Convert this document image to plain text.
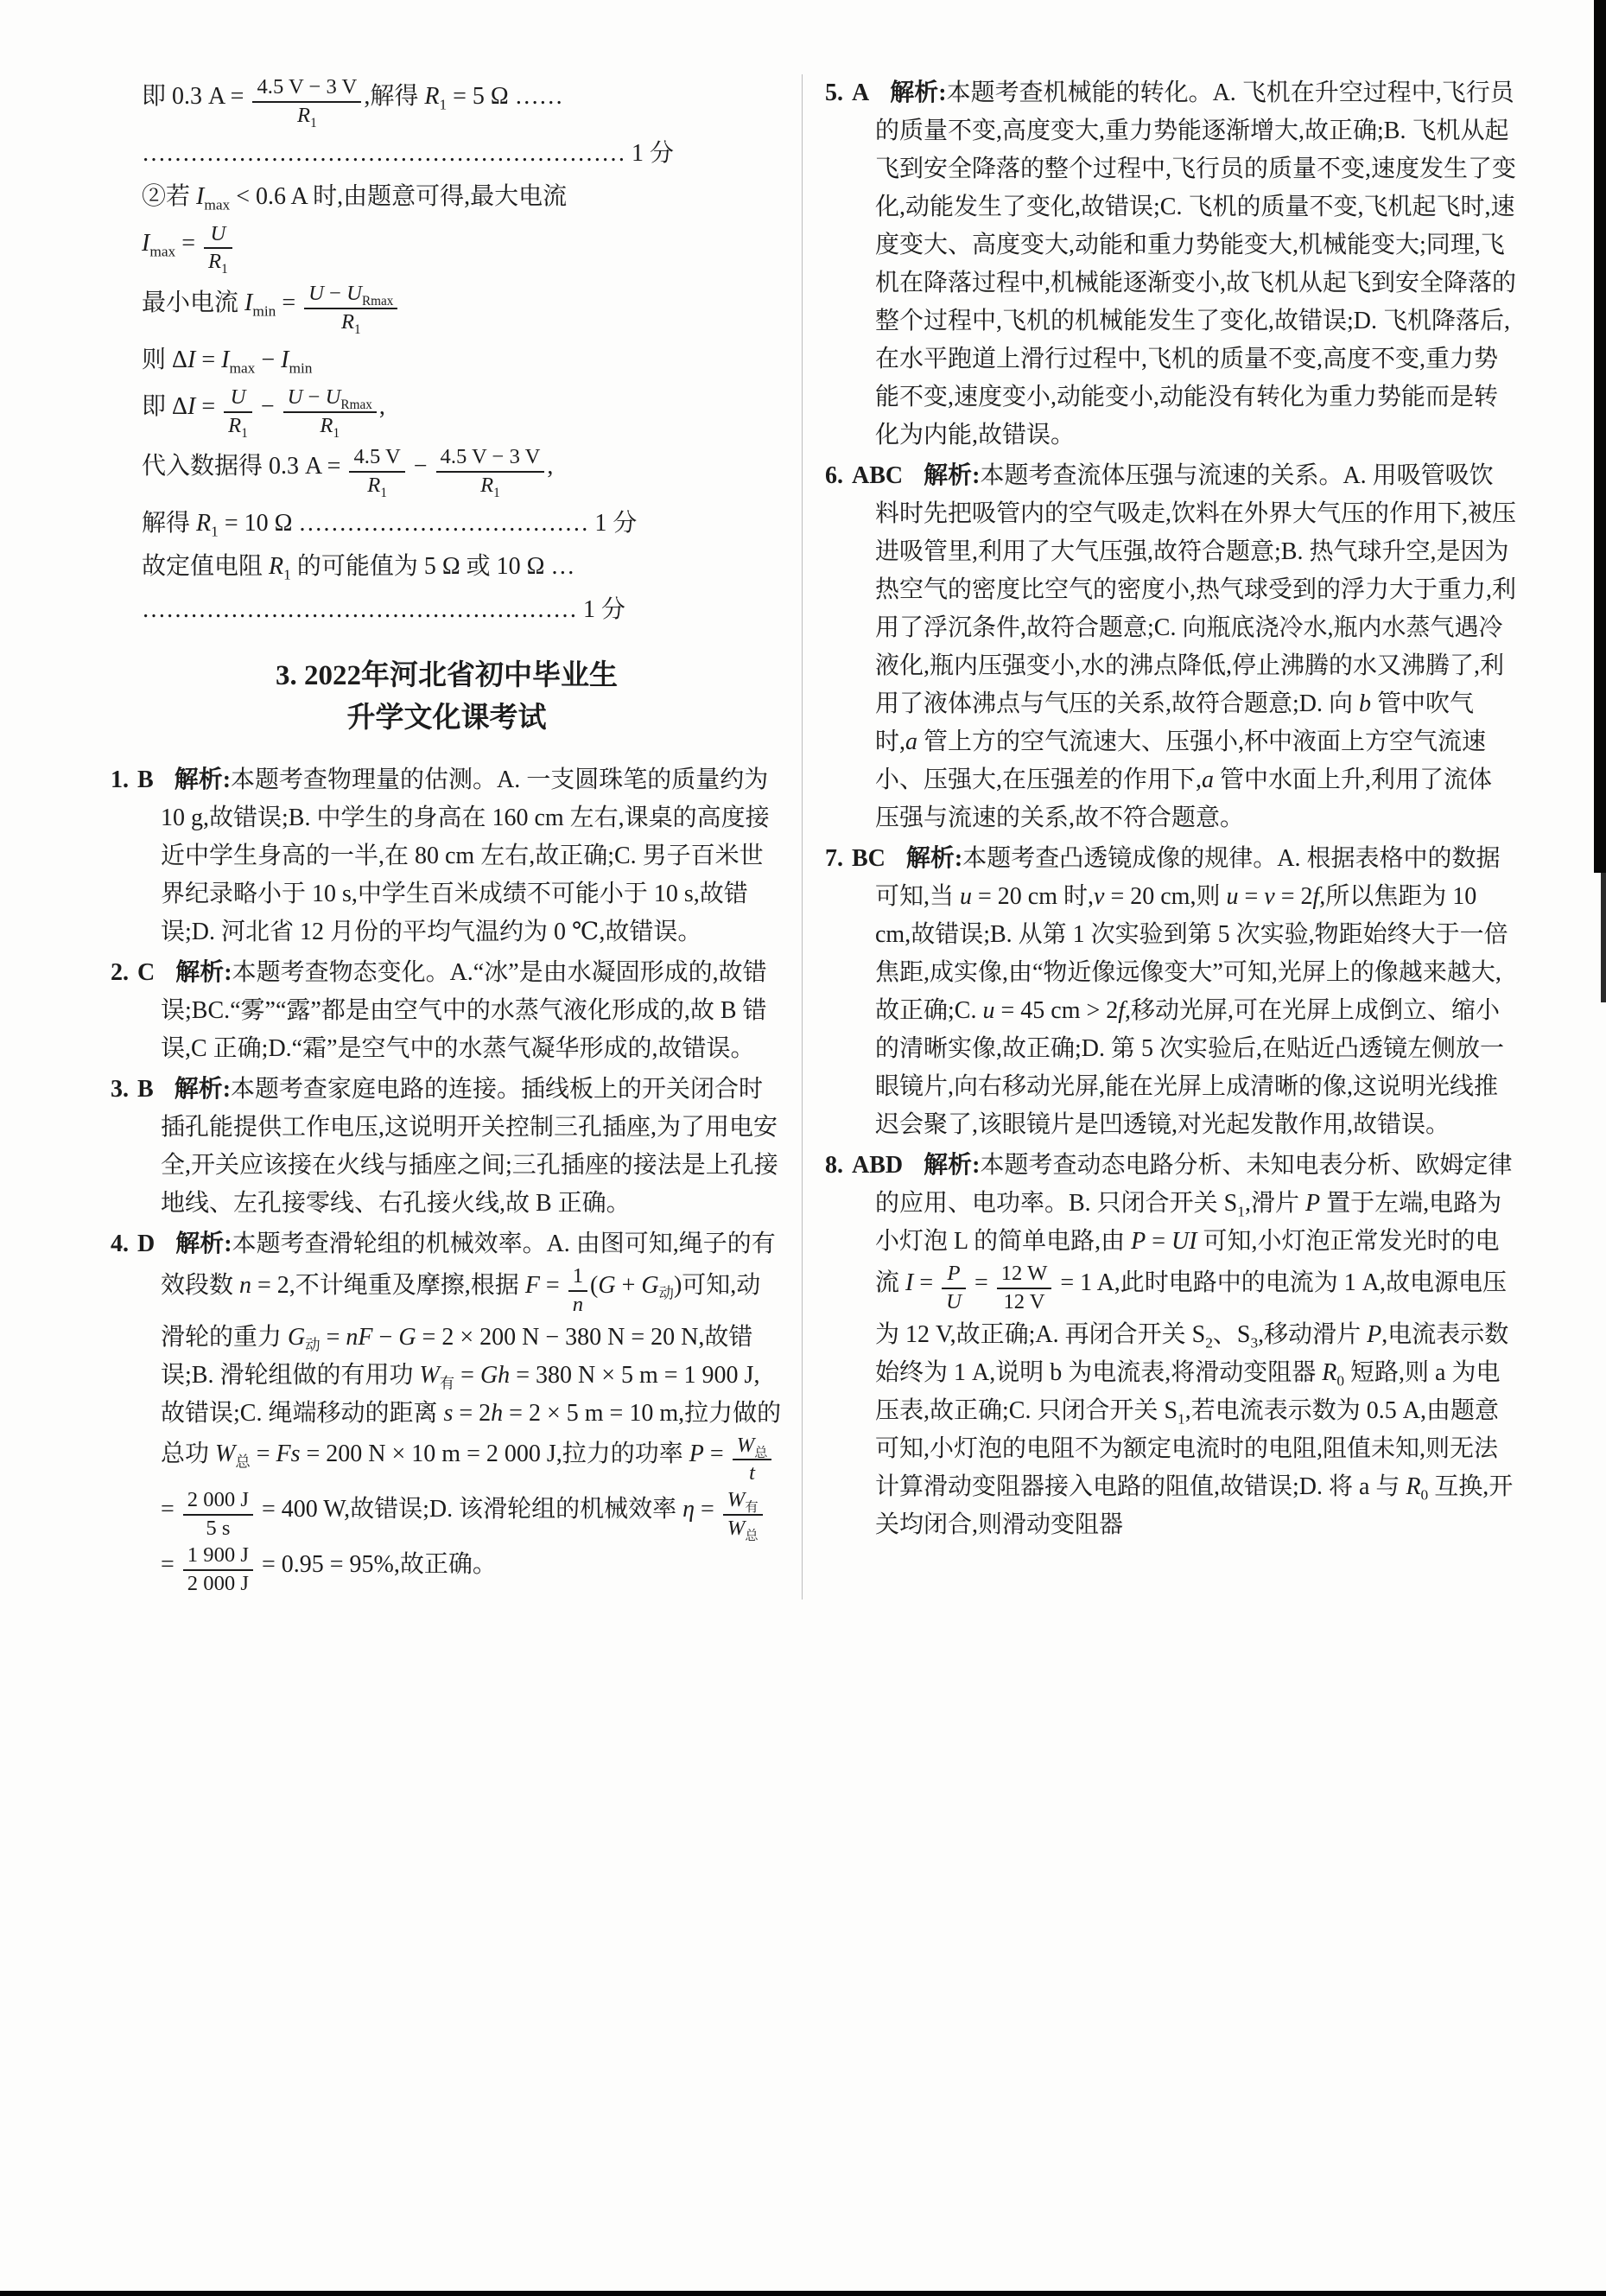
即 0.3 $A = \frac{4.5 V - 3 V}{R_1}$ ,解得 $R_1 = 5$ Ω ……
…………………………………………………… 1 分
②若 $I_{max} < 0.6$ A 时,由题意可得,最大电流
$I_{max} = \frac{U}{R_1}$
最小电流 $I_{min} = \frac{U - U_{Rmax}}{R_1}$
则 $\Delta I = I_{max} - I_{min}$
即 $\Delta I = \frac{U}{R_1} - \frac{U - U_{Rmax}}{R_1}$ ,
代入数据得 0.3 $A = \frac{4.5 V}{R_1} - \frac{4.5 V - 3 V}{R_1}$ ,
解得 $R_1 = 10$ Ω ……………………………… 1 分
故定值电阻 $R_1$ 的可能值为 5 Ω 或 10 Ω …
……………………………………………… 1 分
3. 2022年河北省初中毕业生
升学文化课考试
1. B 解析:本题考查物理量的估测。A. 一支圆珠笔的质量约为 10 g,故错误;B. 中学生的身高在 160 cm 左右,课桌的高度接近中学生身高的一半,在 80 cm 左右,故正确;C. 男子百米世界纪录略小于 10 s,中学生百米成绩不可能小于 10 s,故错误;D. 河北省 12 月份的平均气温约为 0 ℃,故错误。
2. C 解析:本题考查物态变化。A.“冰”是由水凝固形成的,故错误;BC.“雾”“露”都是由空气中的水蒸气液化形成的,故 B 错误,C 正确;D.“霜”是空气中的水蒸气凝华形成的,故错误。
3. B 解析:本题考查家庭电路的连接。插线板上的开关闭合时插孔能提供工作电压,这说明开关控制三孔插座,为了用电安全,开关应该接在火线与插座之间;三孔插座的接法是上孔接地线、左孔接零线、右孔接火线,故 B 正确。
4. D 解析:本题考查滑轮组的机械效率。A. 由图可知,绳子的有效段数 n = 2,不计绳重及摩擦,根据 $F = \frac{1}{n} (G + G_动)$可知,动滑轮的重力 $G_动$ = nF − G = 2 × 200 N − 380 N = 20 N,故错误;B. 滑轮组做的有用功 $W_有 = Gh = 380$ N × 5 m = 1 900 J,故错误;C. 绳端移动的距离 s = 2h = 2 × 5 m = 10 m,拉力做的总功 $W_总 = Fs = 200$ N × 10 m = 2 000 J,拉力的功率 $P = \frac{W_总}{t}$
= $\frac{2 000 J}{5 s} = 400$ W,故错误;D. 该滑轮组的机械效率 $\eta = \frac{W_有}{W_总}$
= $\frac{1 900 J}{2 000 J} = 0.95 = 95\%$,故正确。
5. A 解析:本题考查机械能的转化。A. 飞机在升空过程中,飞行员的质量不变,高度变大,重力势能逐渐增大,故正确;B. 飞机从起飞到安全降落的整个过程中,飞行员的质量不变,速度发生了变化,动能发生了变化,故错误;C. 飞机的质量不变,飞机起飞时,速度变大、高度变大,动能和重力势能变大,机械能变大;同理,飞机在降落过程中,机械能逐渐变小,故飞机从起飞到安全降落的整个过程中,飞机的机械能发生了变化,故错误;D. 飞机降落后,在水平跑道上滑行过程中,飞机的质量不变,高度不变,重力势能不变,速度变小,动能变小,动能没有转化为重力势能而是转化为内能,故错误。
6. ABC 解析:本题考查流体压强与流速的关系。A. 用吸管吸饮料时先把吸管内的空气吸走,饮料在外界大气压的作用下,被压进吸管里,利用了大气压强,故符合题意;B. 热气球升空,是因为热空气的密度比空气的密度小,热气球受到的浮力大于重力,利用了浮沉条件,故符合题意;C. 向瓶底浇冷水,瓶内水蒸气遇冷液化,瓶内压强变小,水的沸点降低,停止沸腾的水又沸腾了,利用了液体沸点与气压的关系,故符合题意;D. 向 b 管中吹气时,a 管上方的空气流速大、压强小,杯中液面上方空气流速小、压强大,在压强差的作用下,a 管中水面上升,利用了流体压强与流速的关系,故不符合题意。
7. BC 解析:本题考查凸透镜成像的规律。A. 根据表格中的数据可知,当 u = 20 cm 时,v = 20 cm,则 u = v = 2f,所以焦距为 10 cm,故错误;B. 从第 1 次实验到第 5 次实验,物距始终大于一倍焦距,成实像,由“物近像远像变大”可知,光屏上的像越来越大,故正确;C. u = 45 cm > 2f,移动光屏,可在光屏上成倒立、缩小的清晰实像,故正确;D. 第 5 次实验后,在贴近凸透镜左侧放一眼镜片,向右移动光屏,能在光屏上成清晰的像,这说明光线推迟会聚了,该眼镜片是凹透镜,对光起发散作用,故错误。
8. ABD 解析:本题考查动态电路分析、未知电表分析、欧姆定律的应用、电功率。B. 只闭合开关 $S_1$,滑片 P 置于左端,电路为小灯泡 L 的简单电路,由 P = UI 可知,小灯泡正常发光时的电流 $I = \frac{P}{U} = \frac{12 W}{12 V} = 1$ A,此时电路中的电流为 1 A,故电源电压为 12 V,故正确;A. 再闭合开关 $S_2$、$S_3$,移动滑片 P,电流表示数始终为 1 A,说明 b 为电流表,将滑动变阻器 $R_0$ 短路,则 a 为电压表,故正确;C. 只闭合开关 $S_1$,若电流表示数为 0.5 A,由题意可知,小灯泡的电阻不为额定电流时的电阻,阻值未知,则无法计算滑动变阻器接入电路的阻值,故错误;D. 将 a 与 $R_0$ 互换,开关均闭合,则滑动变阻器
